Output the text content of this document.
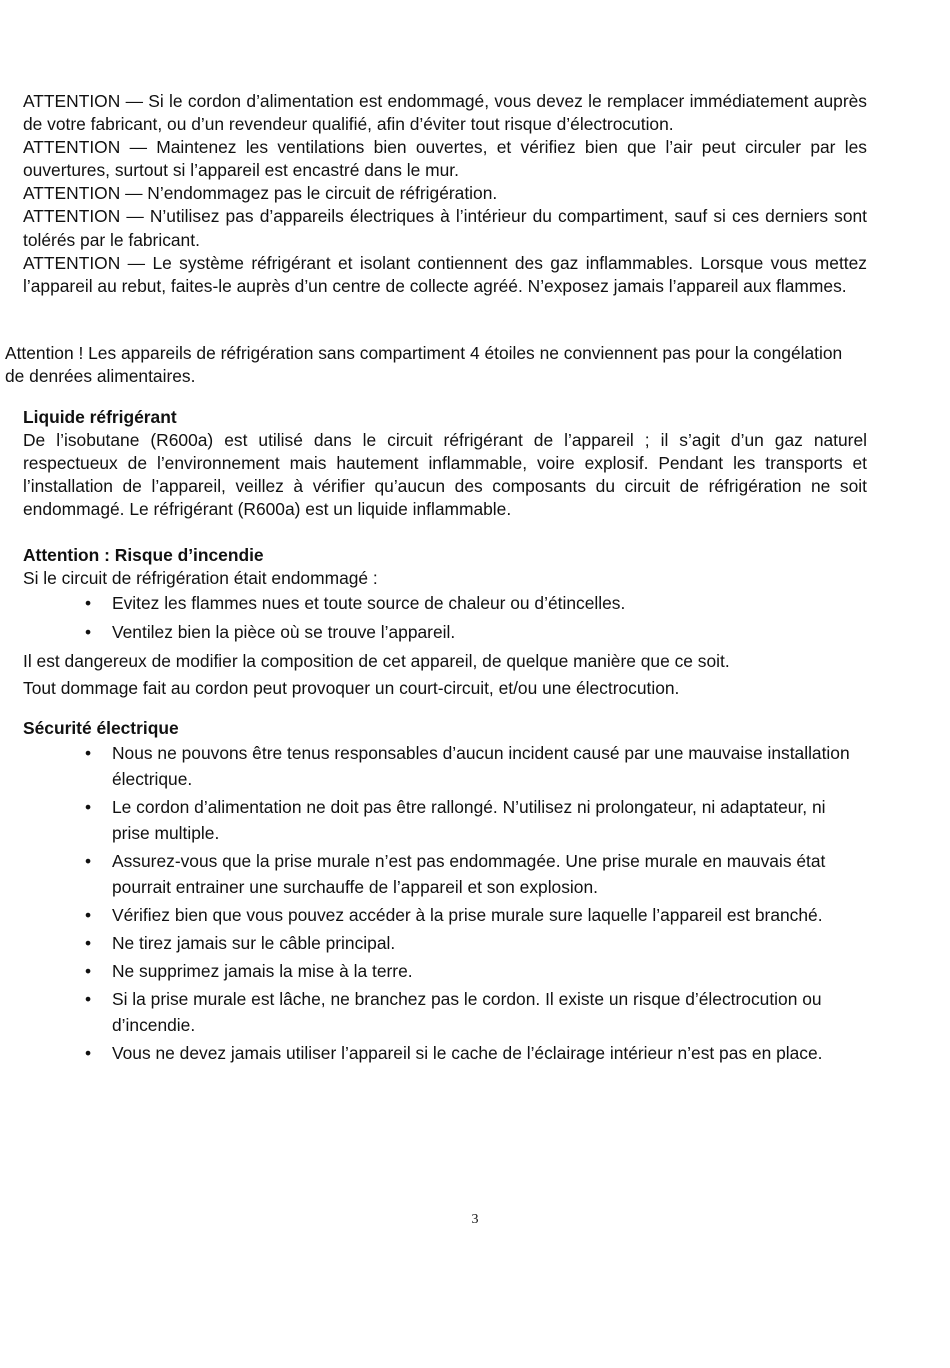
ATTENTION — Si le cordon d’alimentation est endommagé, vous devez le remplacer immédiatement auprès de votre fabricant, ou d’un revendeur qualifié, afin d’éviter tout risque d’électrocution.

ATTENTION — Maintenez les ventilations bien ouvertes, et vérifiez bien que l’air peut circuler par les ouvertures, surtout si l’appareil est encastré dans le mur.

ATTENTION — N’endommagez pas le circuit de réfrigération.

ATTENTION — N’utilisez pas d’appareils électriques à l’intérieur du compartiment, sauf si ces derniers sont tolérés par le fabricant.

ATTENTION — Le système réfrigérant et isolant contiennent des gaz inflammables. Lorsque vous mettez l’appareil au rebut, faites-le auprès d’un centre de collecte agréé. N’exposez jamais l’appareil aux flammes.

Attention ! Les appareils de réfrigération sans compartiment 4 étoiles ne conviennent pas pour la congélation de denrées alimentaires.

Liquide réfrigérant

De l’isobutane (R600a) est utilisé dans le circuit réfrigérant de l’appareil ; il s’agit d’un gaz naturel respectueux de l’environnement mais hautement inflammable, voire explosif. Pendant les transports et l’installation de l’appareil, veillez à vérifier qu’aucun des composants du circuit de réfrigération ne soit endommagé. Le réfrigérant (R600a) est un liquide inflammable.

Attention : Risque d’incendie

Si le circuit de réfrigération était endommagé :

• Evitez les flammes nues et toute source de chaleur ou d’étincelles.
• Ventilez bien la pièce où se trouve l’appareil.

Il est dangereux de modifier la composition de cet appareil, de quelque manière que ce soit.

Tout dommage fait au cordon peut provoquer un court-circuit, et/ou une électrocution.

Sécurité électrique
• Nous ne pouvons être tenus responsables d’aucun incident causé par une mauvaise installation électrique.
• Le cordon d’alimentation ne doit pas être rallongé. N’utilisez ni prolongateur, ni adaptateur, ni prise multiple.
• Assurez-vous que la prise murale n’est pas endommagée. Une prise murale en mauvais état pourrait entrainer une surchauffe de l’appareil et son explosion.
• Vérifiez bien que vous pouvez accéder à la prise murale sure laquelle l’appareil est branché.
• Ne tirez jamais sur le câble principal.
• Ne supprimez jamais la mise à la terre.
• Si la prise murale est lâche, ne branchez pas le cordon. Il existe un risque d’électrocution ou d’incendie.
• Vous ne devez jamais utiliser l’appareil si le cache de l’éclairage intérieur n’est pas en place.
3
